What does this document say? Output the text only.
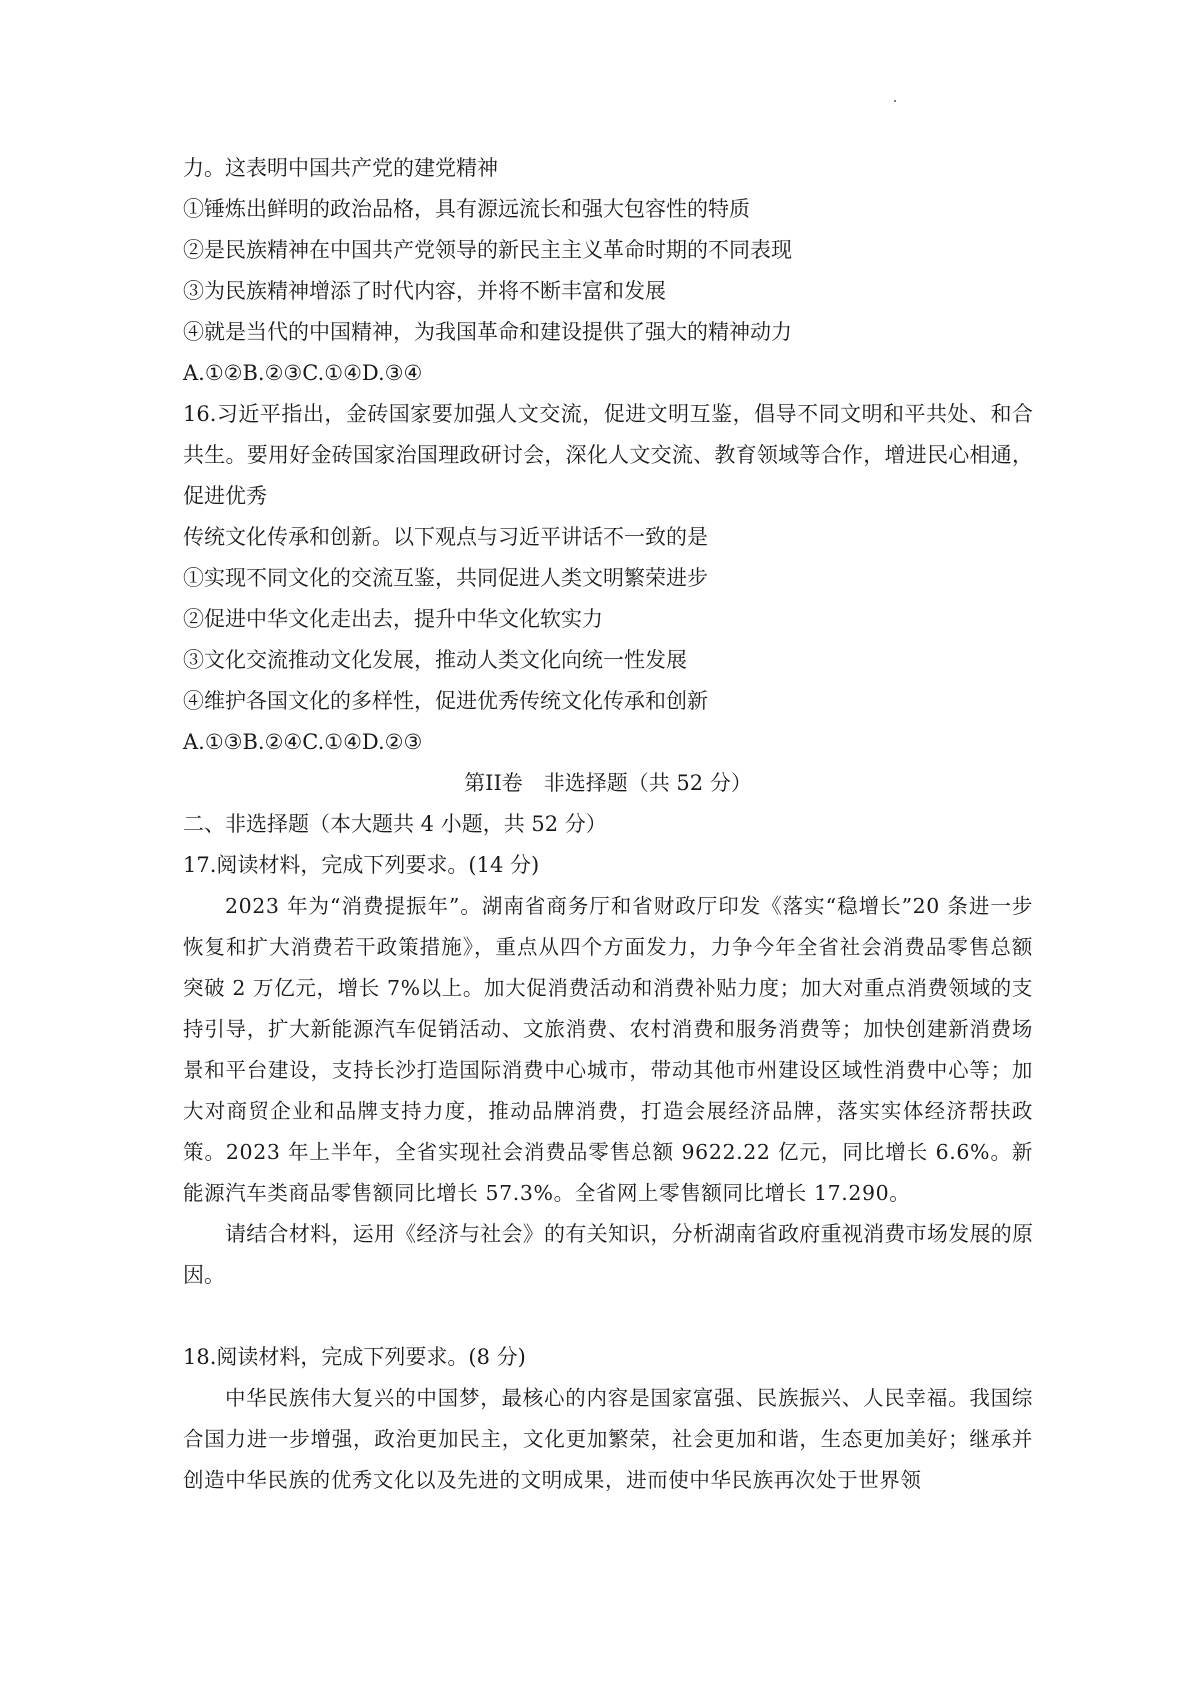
力。这表明中国共产党的建党精神
①锤炼出鲜明的政治品格，具有源远流长和强大包容性的特质
②是民族精神在中国共产党领导的新民主主义革命时期的不同表现
③为民族精神增添了时代内容，并将不断丰富和发展
④就是当代的中国精神，为我国革命和建设提供了强大的精神动力
A.①②B.②③C.①④D.③④
16.习近平指出，金砖国家要加强人文交流，促进文明互鉴，倡导不同文明和平共处、和合共生。要用好金砖国家治国理政研讨会，深化人文交流、教育领域等合作，增进民心相通，促进优秀
传统文化传承和创新。以下观点与习近平讲话不一致的是
①实现不同文化的交流互鉴，共同促进人类文明繁荣进步
②促进中华文化走出去，提升中华文化软实力
③文化交流推动文化发展，推动人类文化向统一性发展
④维护各国文化的多样性，促进优秀传统文化传承和创新
A.①③B.②④C.①④D.②③
第II卷　非选择题（共 52 分）
二、非选择题（本大题共 4 小题，共 52 分）
17.阅读材料，完成下列要求。(14 分)
2023 年为“消费提振年”。湖南省商务厅和省财政厅印发《落实“稳增长”20 条进一步恢复和扩大消费若干政策措施》，重点从四个方面发力，力争今年全省社会消费品零售总额突破 2 万亿元，增长 7%以上。加大促消费活动和消费补贴力度；加大对重点消费领域的支持引导，扩大新能源汽车促销活动、文旅消费、农村消费和服务消费等；加快创建新消费场景和平台建设，支持长沙打造国际消费中心城市，带动其他市州建设区域性消费中心等；加大对商贸企业和品牌支持力度，推动品牌消费，打造会展经济品牌，落实实体经济帮扶政策。2023 年上半年，全省实现社会消费品零售总额 9622.22 亿元，同比增长 6.6%。新能源汽车类商品零售额同比增长 57.3%。全省网上零售额同比增长 17.290。
请结合材料，运用《经济与社会》的有关知识，分析湖南省政府重视消费市场发展的原因。
18.阅读材料，完成下列要求。(8 分)
中华民族伟大复兴的中国梦，最核心的内容是国家富强、民族振兴、人民幸福。我国综合国力进一步增强，政治更加民主，文化更加繁荣，社会更加和谐，生态更加美好；继承并创造中华民族的优秀文化以及先进的文明成果，进而使中华民族再次处于世界领
